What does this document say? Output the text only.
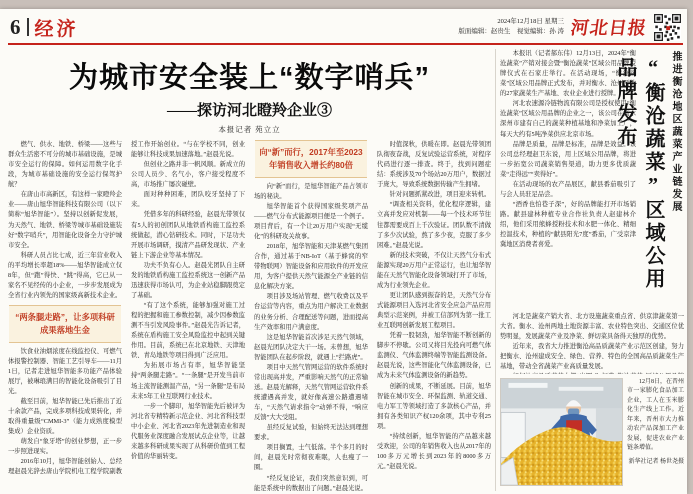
6 经济	2024年12月18日 星期三
版面编辑：赵贵生　视觉编辑：孙 涛 河北日报
为城市安全装上“数字哨兵”
——探访河北瞪羚企业③
本报记者 苑立立

燃气、供水、地铁、桥梁——这些与群众生活密不可分的城市基础设施，是城市安全运行的保障。如何运用数字化手段，为城市基础设施的安全运行保驾护航？

在唐山市高新区，有这样一家瞪羚企业——唐山旭华智能科技有限公司（以下简称“旭华智能”）。坚持以创新促发展，为天然气、地铁、桥梁等城市基础设施装好“数字哨兵”，用智能化设备全力守护城市安全。

科研人员占比七成，近三年营业收入的平均增长率超18%——旭华智能成立仅8年，但“跑”得快、“跳”得高，它已从一家名不见经传的小企业，一步步发展成为全省行业内领先的国家级高新技术企业。

“两条腿走路”，让多项科研成果落地生金

饮食业油烟浓度在线监控仪、可燃气体报警控制器、智能工艺引导车——11月1日，记者走进旭华智能多功能产品体验展厅，被琳琅满目的智能化设备吸引了目光。

截至目前，旭华智能已先后推出了近十余款产品，完成多项科技成果转化，并取得重量级“CMMI-3”（能力成熟度模型集成）企业资质。

萌发自“象牙塔”的创业梦想，正一步一步照进现实。

2016年10月，旭华智能创始人、总经理赵晨光辞去唐山学院机电工程学院副教授工作开始创业。“与在学校不同，创业能够让科技成果加速落地。”赵晨光说。

但创业之路并非一帆风顺。新成立的公司人员少、名气小，客户接受程度不高，市场推广屡次碰壁。

面对种种困难，团队咬牙坚持了下来。

凭借多年的科研经验，赵晨光带领仅有5人的初创团队从地铁盾构施工监控系统做起，潜心钻研技术。同时，下足功夫开展市场调研，摸清产品研发现状、产业链上下游企业等基本情况。

功夫不负有心人。赵晨光团队自主研发的地铁盾构施工监控系统这一创新产品迅速获得市场认可，为企业站稳脚跟奠定了基础。

“有了这个系统，能够加强对施工过程的把握和施工参数控制，减少因参数监测不当引发风险事件。”赵晨光告诉记者，系统在盾构施工安全风险监控中起到关键作用。目前，系统已在北京地铁、天津地铁、青岛地铁等项目得到广泛应用。

为拓展市场占有率，旭华智能坚持“两条腿走路”。“一条腿”是开发当前市场主流智能测温产品，“另一条腿”是布局未来5年工业互联网行业技术。

一步一个脚印，旭华智能先后被评为河北省专精特新示范企业、河北省科技型中小企业、河北省2023年先进制造业和现代服务业深度融合发展试点企业等，让越来越多科研成果实现了从科研价值到工程价值的华丽转变。

向“新”而行，2017年至2023年销售收入增长约80倍

向“新”而行，是旭华智能产品占领市场的秘诀。

旭华智能首个获得国家级奖项产品——燃气分布式能源项目便是一个例子。项目背后，有一个让20万用户实现“无缆化”的科研攻关故事。

2018年，旭华智能和天津某燃气集团合作，通过基于NB-IoT（基于蜂窝的窄带物联网）智能设备和应用软件的开发应用，为客户提供天然气能源全产业链的信息化解决方案。

项目涉及场站管理、燃气收费以及平台运营等内容，重点为用户解决工业数据的业务分析、合理配送等问题，进而提高生产效率和用户满意度。

这是旭华智能首次涉足天然气领域，赵晨光团队决定大干一场。未曾想，旭华智能团队在起步阶段，就遇上“拦路虎”。

项目中天然气管网运营的软件系统时常出现高并发，严重影响天然气的正常输送。赵晨光解释，天然气管网运营软件系统遭遇高并发，就好像高速公路遭遇堵车，“天然气请求指令”动弹不得，“响应反馈”大大受阻。

虽经反复试验，但始终无法达到理想要求。

项目搁置，士气低落。半个多月的时间，赵晨光时常彻夜难眠，人也瘦了一圈。

“经反复论证，我们突然意识到，可能是系统中的数据出了问题。”赵晨光说。

时值深秋，供暖在即。赵晨光带领团队彻夜奋战，反复试验运营系统，对程序代码进行逐一排查。终于，找到问题症结：系统涉及70个场站20万用户，数据过于庞大，导致系统数据传输产生拥堵。

针对问题抓紧改进，项目迎来转机。

“调查相关资料，优化程序逻辑，建立高并发应对机制——每一个技术环节往往都需要成百上千次验证。团队数不清做了多少次试验，熬了多少夜，克服了多少困难。”赵晨光说。

新的技术突破，不仅让天然气分布式能源实现20万用户正常运行，也让旭华智能在天然气智能化设备领域打开了市场，成为行业领先企业。

更让团队感到振奋的是，天然气分布式能源项目入选河北省安全应急产品应用典型示范案例，并被工信部列为第一批工业互联网创新发展工程项目。

凭着一股韧劲，旭华智能不断创新的脚步不停歇。公司又将目光投向可燃气体监测仪、气体监测终端等智能监测设备。赵晨光说，这些智能化气体监测设备，已成为未来气体监测设备的新趋势。

创新的成果，不断延展。目前，旭华智能在城市安全、环保监测、轨道交通、电力军工等领域打造了多款核心产品，并拥有各类知识产权120余项，其中专利25项。

“持续创新，旭华智能的产品越来越受欢迎，公司的年销售收入也从2017年的100多万元增长到2023年的8000多万元。”赵晨光说。

本报讯（记者郝东伟）12月13日，2024年“衡沧蔬菜”产销对接会暨“衡沧蔬菜”区域公用品牌授牌仪式在石家庄举行。在活动现场，“衡沧蔬菜”区域公用品牌正式发布，并对衡水、沧州两地的27家蔬菜生产基地、农业企业进行授牌。

河北农速源冷链物流有限公司是授权使用“衡沧蔬菜”区域公用品牌的企业之一，该公司在衡水深州市建有自己的蔬菜种植基地和净菜加工厂，每天大约有5吨净菜供应北京市场。

品牌是质量，品牌是标准，品牌是效益。该公司总经理赵卫东说，用上区域公用品牌，将进一步拓宽公司蔬菜销售渠道，助力更多优质蔬菜“走得远”“卖得好”。

在活动现场的农产品展区，献县番茄吸引了与会人员驻足品尝。

“酒香也怕巷子深”，好的品牌能打开市场销路。献县建林种植专业合作社负责人赵建林介绍，他们采用熊蜂授粉技术和水肥一体化、精细控温技术，种植的“献县阳光7度”番茄，广受京津冀地区消费者喜爱。	“衡沧蔬菜”区域公用品牌发布	推进衡沧地区蔬菜产业链发展

河北是蔬菜产销大省、北方设施蔬菜重点省、供京津蔬菜第一大省。衡水、沧州两地土地资源丰富、农业特色突出、交通区位优势明显，发展蔬菜产业及净菜、鲜切菜具备得天独厚的优势。

近年来，我省大力推进衡沧高品质蔬菜产业示范区创建，努力把衡水、沧州建成安全、绿色、营养、特色的全国高品质蔬菜生产基地，带动全省蔬菜产业高质量发展。

12月8日，在晋州市一家膨化食品加工企业，工人在玉米膨化生产线上工作。近年来，晋州市大力推动农产品深加工产业发展，促进农业产业链条增值。
新华社记者 杨世尧摄
